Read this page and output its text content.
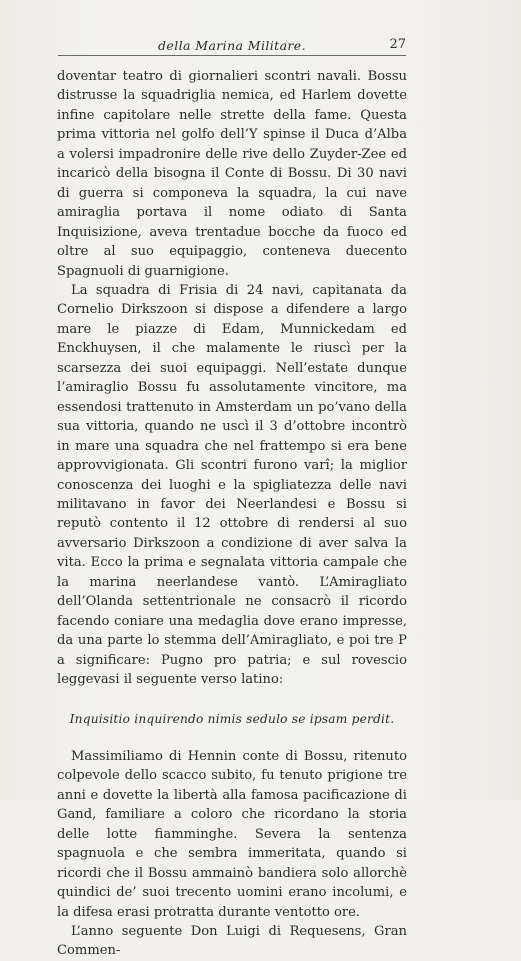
della Marina Militare.	27

doventar teatro di giornalieri scontri navali. Bossu distrusse la squadriglia nemica, ed Harlem dovette infine capitolare nelle strette della fame. Questa prima vittoria nel golfo dell’Y spinse il Duca d’Alba a volersi impadronire delle rive dello Zuyder-Zee ed incaricò della bisogna il Conte di Bossu. Di 30 navi di guerra si componeva la squadra, la cui nave amiraglia portava il nome odiato di Santa Inquisizione, aveva trentadue bocche da fuoco ed oltre al suo equipaggio, conteneva duecento Spagnuoli di guarnigione.

La squadra di Frisia di 24 navi, capitanata da Cornelio Dirkszoon si dispose a difendere a largo mare le piazze di Edam, Munnickedam ed Enckhuysen, il che malamente le riuscì per la scarsezza dei suoi equipaggi. Nell’estate dunque l’amiraglio Bossu fu assolutamente vincitore, ma essendosi trattenuto in Amsterdam un po’vano della sua vittoria, quando ne uscì il 3 d’ottobre incontrò in mare una squadra che nel frattempo si era bene approvvigionata. Gli scontri furono varî; la miglior conoscenza dei luoghi e la spigliatezza delle navi militavano in favor dei Neerlandesi e Bossu si reputò contento il 12 ottobre di rendersi al suo avversario Dirkszoon a condizione di aver salva la vita. Ecco la prima e segnalata vittoria campale che la marina neerlandese vantò. L’Amiragliato dell’Olanda settentrionale ne consacrò il ricordo facendo coniare una medaglia dove erano impresse, da una parte lo stemma dell’Amiragliato, e poi tre P a significare: Pugno pro patria; e sul rovescio leggevasi il seguente verso latino:

Inquisitio inquirendo nimis sedulo se ipsam perdit.

Massimiliamo di Hennin conte di Bossu, ritenuto colpevole dello scacco subito, fu tenuto prigione tre anni e dovette la libertà alla famosa pacificazione di Gand, familiare a coloro che ricordano la storia delle lotte fiamminghe. Severa la sentenza spagnuola e che sembra immeritata, quando si ricordi che il Bossu ammainò bandiera solo allorchè quindici de’ suoi trecento uomini erano incolumi, e la difesa erasi protratta durante ventotto ore.

L’anno seguente Don Luigi di Requesens, Gran Commen-
